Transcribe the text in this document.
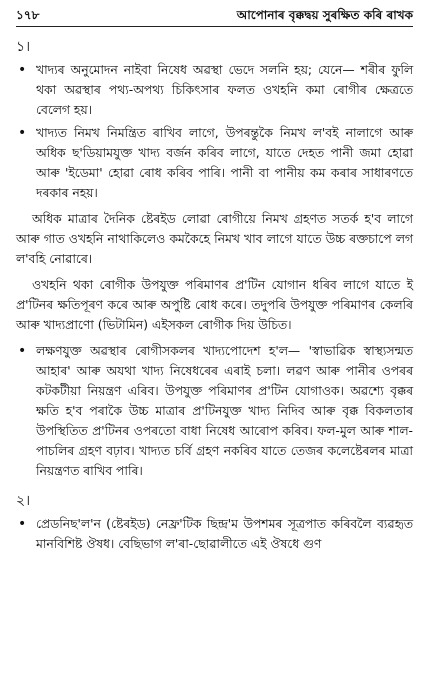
১৭৮	আপোনাৰ বৃক্কদ্বয় সুৰক্ষিত কৰি ৰাখক
১।
• খাদ্যৰ অনুমোদন নাইবা নিষেধ অৱস্থা ভেদে সলনি হয়; যেনে— শৰীৰ ফুলি থকা অৱস্থাৰ পথ্য-অপথ্য চিকিৎসাৰ ফলত ওখহনি কমা ৰোগীৰ ক্ষেত্ৰতে বেলেগ হয়।
• খাদ্যত নিমখ নিমন্ত্ৰিত ৰাখিব লাগে, উপৰন্তুকৈ নিমখ ল'বই নালাগে আৰু অধিক ছ'ডিয়ামযুক্ত খাদ্য বৰ্জন কৰিব লাগে, যাতে দেহত পানী জমা হোৱা আৰু 'ইডেমা' হোৱা ৰোধ কৰিব পাৰি। পানী বা পানীয় কম কৰাৰ সাধাৰণতে দৰকাৰ নহয়।

অধিক মাত্ৰাৰ দৈনিক ষ্টেৰইড লোৱা ৰোগীয়ে নিমখ গ্ৰহণত সতৰ্ক হ'ব লাগে আৰু গাত ওখহনি নাথাকিলেও কমকৈহে নিমখ খাব লাগে যাতে উচ্চ ৰক্তচাপে লগ ল'বহি নোৱাৰে।

ওখহনি থকা ৰোগীক উপযুক্ত পৰিমাণৰ প্ৰ'টিন যোগান ধৰিব লাগে যাতে ই প্ৰ'টিনৰ ক্ষতিপূৰণ কৰে আৰু অপুষ্টি ৰোধ কৰে। তদুপৰি উপযুক্ত পৰিমাণৰ কেলৰি আৰু খাদ্যপ্ৰাণো (ভিটামিন) এইসকল ৰোগীক দিয় উচিত।

• লক্ষণযুক্ত অৱস্থাৰ ৰোগীসকলৰ খাদ্যপোদেশ হ'ল— 'স্বাভাৱিক স্বাস্থ্যসন্মত আহাৰ' আৰু অযথা খাদ্য নিষেধৰেৰ এৰাই চলা। লৱণ আৰু পানীৰ ওপৰৰ কটকটীয়া নিয়ন্ত্ৰণ এৰিব। উপযুক্ত পৰিমাণৰ প্ৰ'টিন যোগাওক। অৱশ্যে বৃক্কৰ ক্ষতি হ'ব পৰাকৈ উচ্চ মাত্ৰাৰ প্ৰ'টিনযুক্ত খাদ্য নিদিব আৰু বৃক্ক বিকলতাৰ উপস্থিতিত প্ৰ'টিনৰ ওপৰতো বাধা নিষেধ আৰোপ কৰিব। ফল-মুল আৰু শাল-পাচলিৰ গ্ৰহণ বঢ়াব। খাদ্যত চৰ্বি গ্ৰহণ নকৰিব যাতে তেজৰ কলেষ্টেৰলৰ মাত্ৰা নিয়ন্ত্ৰণত ৰাখিব পাৰি।
২।
• প্ৰেডনিছ'ল'ন (ষ্টেৰইড) নেফ্ৰ'টিক ছিন্দ্ৰ'ম উপশমৰ সূত্ৰপাত কৰিবলৈ ব্যৱহৃত মানবিশিষ্ট ঔষধ। বেছিভাগ ল'ৰা-ছোৱালীতে এই ঔষধে গুণ
